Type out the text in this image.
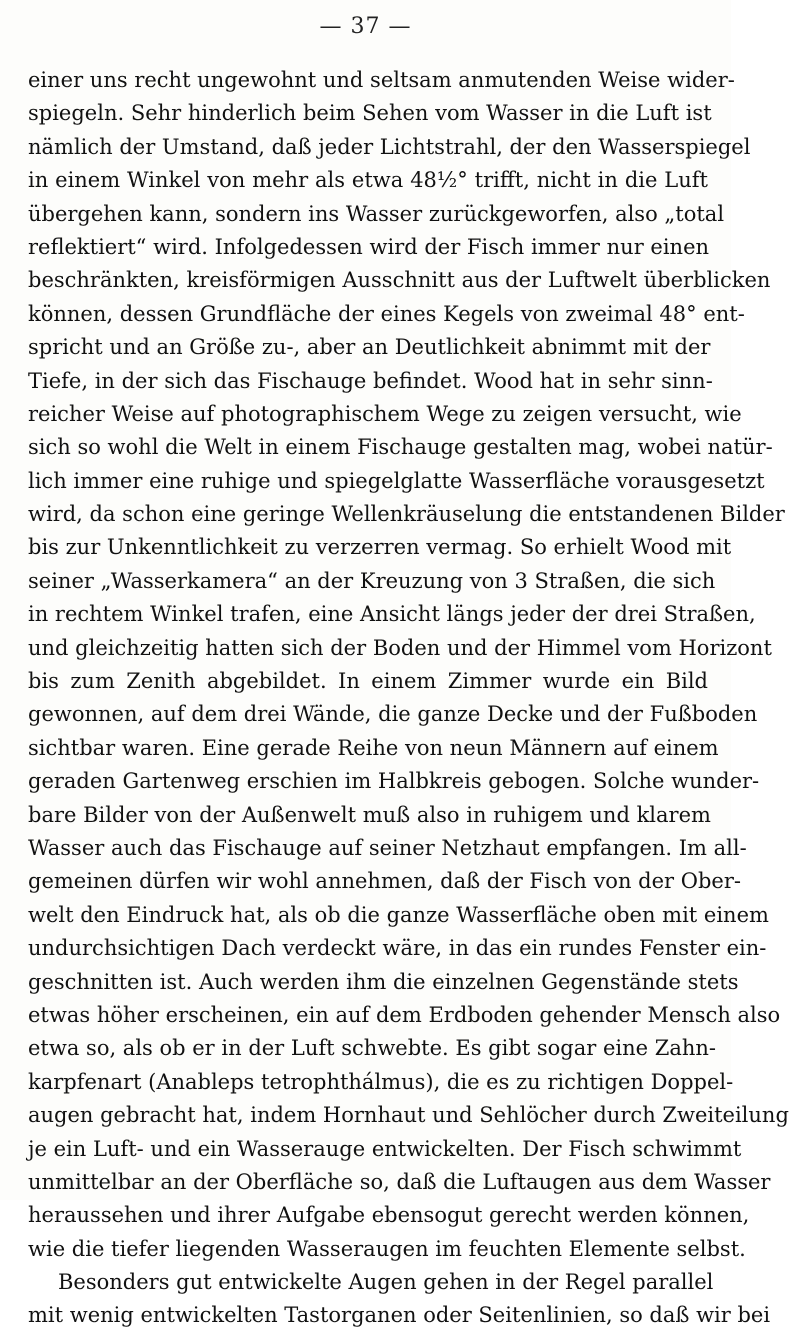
— 37 —
einer uns recht ungewohnt und seltsam anmutenden Weise wider-
spiegeln. Sehr hinderlich beim Sehen vom Wasser in die Luft ist
nämlich der Umstand, daß jeder Lichtstrahl, der den Wasserspiegel
in einem Winkel von mehr als etwa 48½° trifft, nicht in die Luft
übergehen kann, sondern ins Wasser zurückgeworfen, also „total
reflektiert“ wird. Infolgedessen wird der Fisch immer nur einen
beschränkten, kreisförmigen Ausschnitt aus der Luftwelt überblicken
können, dessen Grundfläche der eines Kegels von zweimal 48° ent-
spricht und an Größe zu-, aber an Deutlichkeit abnimmt mit der
Tiefe, in der sich das Fischauge befindet. Wood hat in sehr sinn-
reicher Weise auf photographischem Wege zu zeigen versucht, wie
sich so wohl die Welt in einem Fischauge gestalten mag, wobei natür-
lich immer eine ruhige und spiegelglatte Wasserfläche vorausgesetzt
wird, da schon eine geringe Wellenkräuselung die entstandenen Bilder
bis zur Unkenntlichkeit zu verzerren vermag. So erhielt Wood mit
seiner „Wasserkamera“ an der Kreuzung von 3 Straßen, die sich
in rechtem Winkel trafen, eine Ansicht längs jeder der drei Straßen,
und gleichzeitig hatten sich der Boden und der Himmel vom Horizont
bis zum Zenith abgebildet. In einem Zimmer wurde ein Bild
gewonnen, auf dem drei Wände, die ganze Decke und der Fußboden
sichtbar waren. Eine gerade Reihe von neun Männern auf einem
geraden Gartenweg erschien im Halbkreis gebogen. Solche wunder-
bare Bilder von der Außenwelt muß also in ruhigem und klarem
Wasser auch das Fischauge auf seiner Netzhaut empfangen. Im all-
gemeinen dürfen wir wohl annehmen, daß der Fisch von der Ober-
welt den Eindruck hat, als ob die ganze Wasserfläche oben mit einem
undurchsichtigen Dach verdeckt wäre, in das ein rundes Fenster ein-
geschnitten ist. Auch werden ihm die einzelnen Gegenstände stets
etwas höher erscheinen, ein auf dem Erdboden gehender Mensch also
etwa so, als ob er in der Luft schwebte. Es gibt sogar eine Zahn-
karpfenart (Anableps tetrophthálmus), die es zu richtigen Doppel-
augen gebracht hat, indem Hornhaut und Sehlöcher durch Zweiteilung
je ein Luft- und ein Wasserauge entwickelten. Der Fisch schwimmt
unmittelbar an der Oberfläche so, daß die Luftaugen aus dem Wasser
heraussehen und ihrer Aufgabe ebensogut gerecht werden können,
wie die tiefer liegenden Wasseraugen im feuchten Elemente selbst.
Besonders gut entwickelte Augen gehen in der Regel parallel
mit wenig entwickelten Tastorganen oder Seitenlinien, so daß wir bei
